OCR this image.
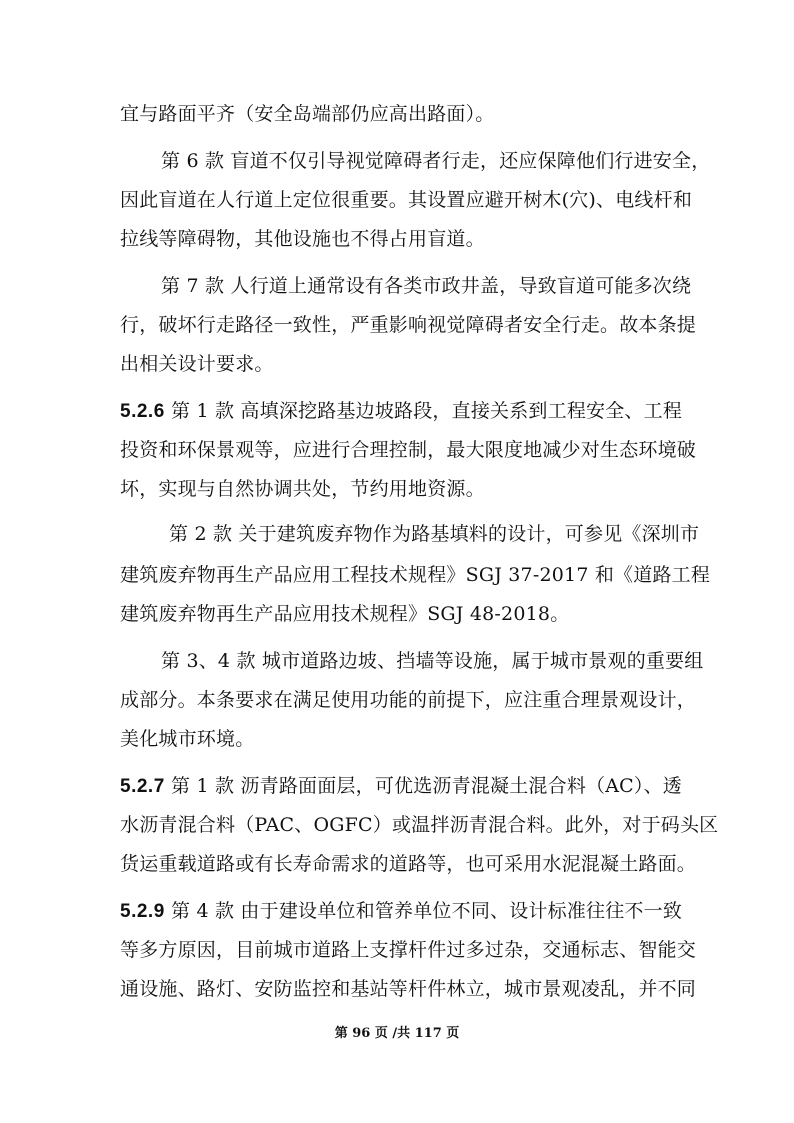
宜与路面平齐（安全岛端部仍应高出路面）。
第 6 款 盲道不仅引导视觉障碍者行走，还应保障他们行进安全，
因此盲道在人行道上定位很重要。其设置应避开树木(穴)、电线杆和
拉线等障碍物，其他设施也不得占用盲道。
第 7 款 人行道上通常设有各类市政井盖，导致盲道可能多次绕
行，破坏行走路径一致性，严重影响视觉障碍者安全行走。故本条提
出相关设计要求。
5.2.6 第 1 款 高填深挖路基边坡路段，直接关系到工程安全、工程
投资和环保景观等，应进行合理控制，最大限度地减少对生态环境破
坏，实现与自然协调共处，节约用地资源。
第 2 款 关于建筑废弃物作为路基填料的设计，可参见《深圳市
建筑废弃物再生产品应用工程技术规程》SGJ 37-2017 和《道路工程
建筑废弃物再生产品应用技术规程》SGJ 48-2018。
第 3、4 款 城市道路边坡、挡墙等设施，属于城市景观的重要组
成部分。本条要求在满足使用功能的前提下，应注重合理景观设计，
美化城市环境。
5.2.7 第 1 款 沥青路面面层，可优选沥青混凝土混合料（AC）、透
水沥青混合料（PAC、OGFC）或温拌沥青混合料。此外，对于码头区
货运重载道路或有长寿命需求的道路等，也可采用水泥混凝土路面。
5.2.9 第 4 款 由于建设单位和管养单位不同、设计标准往往不一致
等多方原因，目前城市道路上支撑杆件过多过杂，交通标志、智能交
通设施、路灯、安防监控和基站等杆件林立，城市景观凌乱，并不同
第 96 页 /共 117 页
